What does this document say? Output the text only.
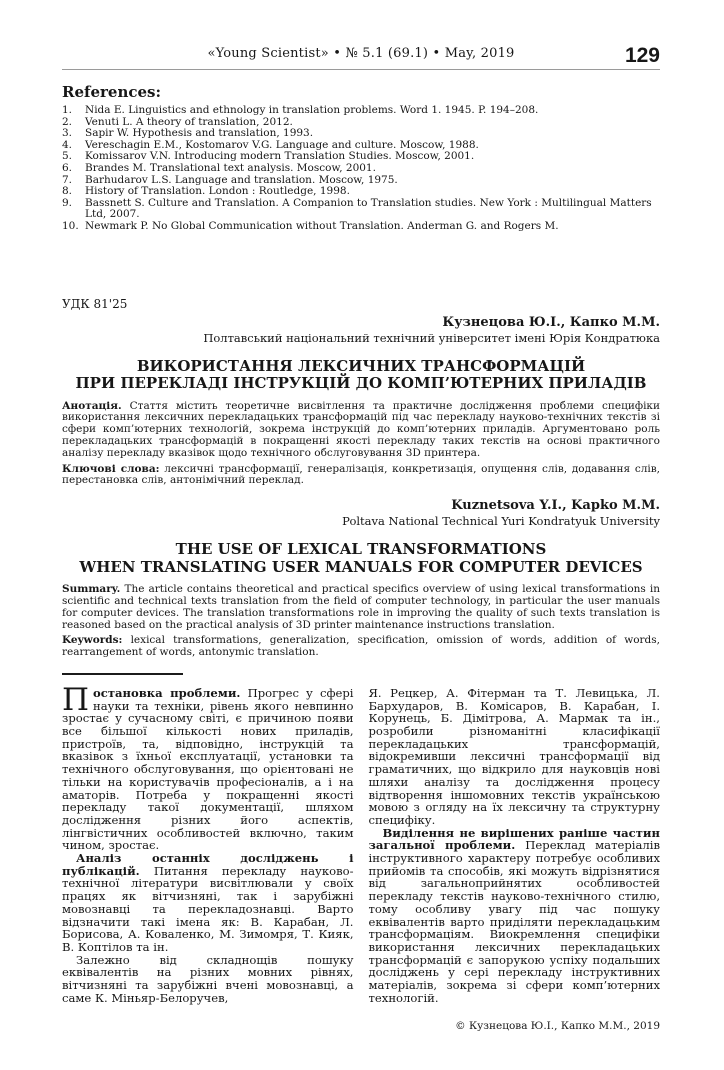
«Young Scientist» • № 5.1 (69.1) • May, 2019	129
References:
1.	Nida E. Linguistics and ethnology in translation problems. Word 1. 1945. P. 194–208.
2.	Venuti L. A theory of translation, 2012.
3.	Sapir W. Hypothesis and translation, 1993.
4.	Vereschagin E.M., Kostomarov V.G. Language and culture. Moscow, 1988.
5.	Komissarov V.N. Introducing modern Translation Studies. Moscow, 2001.
6.	Brandes M. Translational text analysis. Moscow, 2001.
7.	Barhudarov L.S. Language and translation. Moscow, 1975.
8.	History of Translation. London : Routledge, 1998.
9.	Bassnett S. Culture and Translation. A Companion to Translation studies. New York : Multilingual Matters Ltd, 2007.
10. Newmark P. No Global Communication without Translation. Anderman G. and Rogers M.
УДК 81'25
Кузнецова Ю.І., Капко М.М.
Полтавський національний технічний університет імені Юрія Кондратюка
ВИКОРИСТАННЯ ЛЕКСИЧНИХ ТРАНСФОРМАЦІЙ
ПРИ ПЕРЕКЛАДІ ІНСТРУКЦІЙ ДО КОМП’ЮТЕРНИХ ПРИЛАДІВ

Анотація. Стаття містить теоретичне висвітлення та практичне дослідження проблеми специфіки використання лексичних перекладацьких трансформацій під час перекладу науково-технічних текстів зі сфери комп’ютерних технологій, зокрема інструкцій до комп’ютерних приладів. Аргументовано роль перекладацьких трансформацій в покращенні якості перекладу таких текстів на основі практичного аналізу перекладу вказівок щодо технічного обслуговування 3D принтера.

Ключові слова: лексичні трансформації, генералізація, конкретизація, опущення слів, додавання слів, перестановка слів, антонімічний переклад.

Kuznetsova Y.I., Kapko M.M.
Poltava National Technical Yuri Kondratyuk University
THE USE OF LEXICAL TRANSFORMATIONS
WHEN TRANSLATING USER MANUALS FOR COMPUTER DEVICES

Summary. The article contains theoretical and practical specifics overview of using lexical transformations in scientific and technical texts translation from the field of computer technology, in particular the user manuals for computer devices. The translation transformations role in improving the quality of such texts translation is reasoned based on the practical analysis of 3D printer maintenance instructions translation.

Keywords: lexical transformations, generalization, specification, omission of words, addition of words, rearrangement of words, antonymic translation.

Постановка проблеми. Прогрес у сфері науки та техніки, рівень якого невпинно зростає у сучасному світі, є причиною появи все більшої кількості нових приладів, пристроїв, та, відповідно, інструкцій та вказівок з їхньої експлуатації, установки та технічного обслуговування, що орієнтовані не тільки на користувачів професіоналів, а і на аматорів. Потреба у покращенні якості перекладу такої документації, шляхом дослідження різних його аспектів, лінгвістичних особливостей включно, таким чином, зростає.

Аналіз останніх досліджень і публікацій. Питання перекладу науково-технічної літератури висвітлювали у своїх працях як вітчизняні, так і зарубіжні мовознавці та перекладознавці. Варто відзначити такі імена як: В. Карабан, Л. Борисова, А. Коваленко, М. Зимомря, Т. Кияк, В. Коптілов та ін.

Залежно від складнощів пошуку еквівалентів на різних мовних рівнях, вітчизняні та зарубіжні вчені мовознавці, а саме К. Міньяр-Белоручев,

Я. Рецкер, А. Фітерман та Т. Левицька, Л. Бархударов, В. Комісаров, В. Карабан, І. Корунець, Б. Дімітрова, А. Мармак та ін., розробили різноманітні класифікації перекладацьких трансформацій, відокремивши лексичні трансформації від граматичних, що відкрило для науковців нові шляхи аналізу та дослідження процесу відтворення іншомовних текстів українською мовою з огляду на їх лексичну та структурну специфіку.

Виділення не вирішених раніше частин загальної проблеми. Переклад матеріалів інструктивного характеру потребує особливих прийомів та способів, які можуть відрізнятися від загальноприйнятих особливостей перекладу текстів науково-технічного стилю, тому особливу увагу під час пошуку еквівалентів варто приділяти перекладацьким трансформаціям. Виокремлення специфіки використання лексичних перекладацьких трансформацій є запорукою успіху подальших досліджень у сері перекладу інструктивних матеріалів, зокрема зі сфери комп’ютерних технологій.

© Кузнецова Ю.І., Капко М.М., 2019
